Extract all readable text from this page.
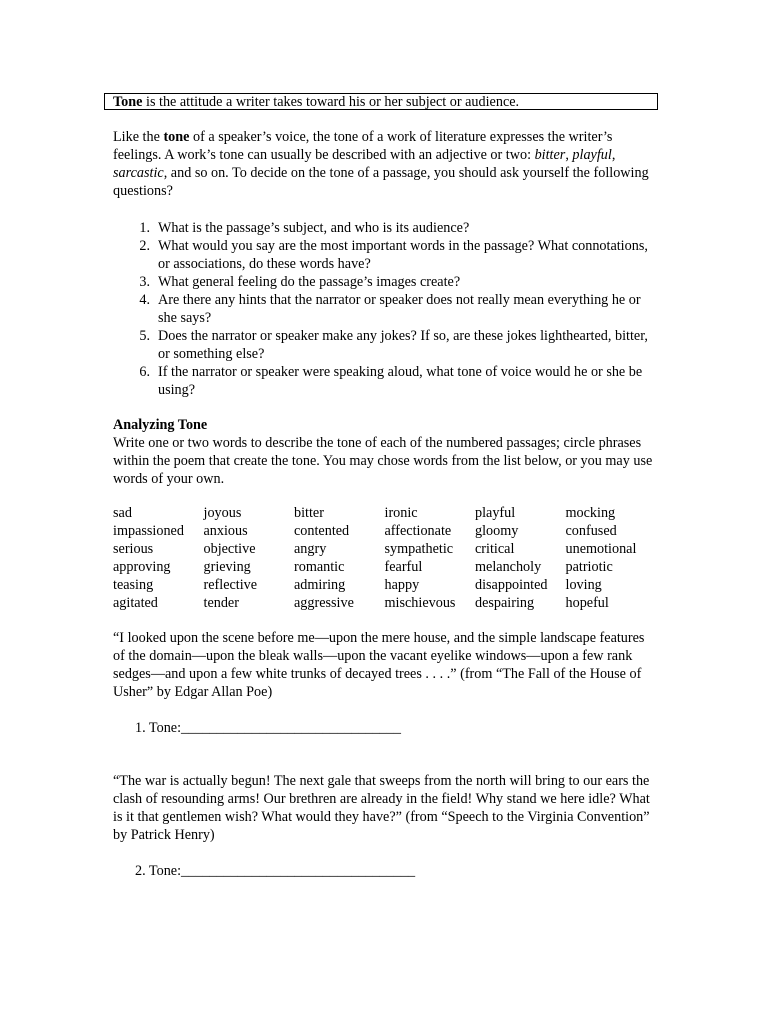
Tone is the attitude a writer takes toward his or her subject or audience.
Like the tone of a speaker’s voice, the tone of a work of literature expresses the writer’s feelings. A work’s tone can usually be described with an adjective or two: bitter, playful, sarcastic, and so on. To decide on the tone of a passage, you should ask yourself the following questions?
1. What is the passage’s subject, and who is its audience?
2. What would you say are the most important words in the passage? What connotations, or associations, do these words have?
3. What general feeling do the passage’s images create?
4. Are there any hints that the narrator or speaker does not really mean everything he or she says?
5. Does the narrator or speaker make any jokes? If so, are these jokes lighthearted, bitter, or something else?
6. If the narrator or speaker were speaking aloud, what tone of voice would he or she be using?
Analyzing Tone
Write one or two words to describe the tone of each of the numbered passages; circle phrases within the poem that create the tone. You may chose words from the list below, or you may use words of your own.
sad	joyous	bitter	ironic	playful	mocking
impassioned	anxious	contented	affectionate	gloomy	confused
serious	objective	angry	sympathetic	critical	unemotional
approving	grieving	romantic	fearful	melancholy	patriotic
teasing	reflective	admiring	happy	disappointed	loving
agitated	tender	aggressive	mischievous	despairing	hopeful
“I looked upon the scene before me—upon the mere house, and the simple landscape features of the domain—upon the bleak walls—upon the vacant eyelike windows—upon a few rank sedges—and upon a few white trunks of decayed trees . . . .” (from “The Fall of the House of Usher” by Edgar Allan Poe)
1. Tone:_______________________________
“The war is actually begun! The next gale that sweeps from the north will bring to our ears the clash of resounding arms! Our brethren are already in the field! Why stand we here idle? What is it that gentlemen wish? What would they have?” (from “Speech to the Virginia Convention” by Patrick Henry)
2. Tone:_________________________________
